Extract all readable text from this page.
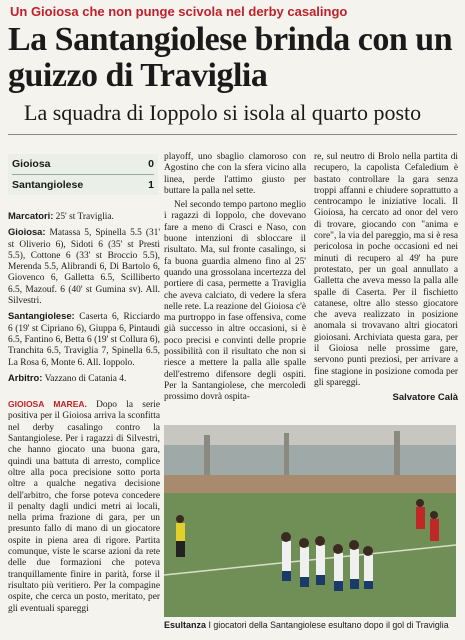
Un Gioiosa che non punge scivola nel derby casalingo
La Santangiolese brinda con un guizzo di Traviglia
La squadra di Ioppolo si isola al quarto posto
Gioiosa	0
Santangiolese	1

Marcatori: 25' st Traviglia.

Gioiosa: Matassa 5, Spinella 5.5 (31' st Oliverio 6), Sidoti 6 (35' st Presti 5.5), Cottone 6 (33' st Broccio 5.5), Merenda 5.5, Alibrandi 6, Di Bartolo 6, Giovenco 6, Galletta 6.5, Scilliberto 6.5, Mazouf. 6 (40' st Gumina sv). All. Silvestri.

Santangiolese: Caserta 6, Ricciardo 6 (19' st Cipriano 6), Giuppa 6, Pintaudi 6.5, Fantino 6, Betta 6 (19' st Collura 6), Tranchita 6.5, Traviglia 7, Spinella 6.5, La Rosa 6, Monte 6. All. Ioppolo.

Arbitro: Vazzano di Catania 4.

GIOIOSA MAREA. Dopo la serie positiva per il Gioiosa arriva la sconfitta nel derby casalingo contro la Santangiolese. Per i ragazzi di Silvestri, che hanno giocato una buona gara, quindi una battuta di arresto, complice oltre alla poca precisione sotto porta oltre a qualche negativa decisione dell'arbitro, che forse poteva concedere il penalty dagli undici metri ai locali, nella prima frazione di gara, per un presunto fallo di mano di un giocatore ospite in piena area di rigore. Partita comunque, viste le scarse azioni da rete delle due formazioni che poteva tranquillamente finire in parità, forse il risultato più veritiero. Per la compagine ospite, che cerca un posto, meritato, per gli eventuali spareggi

playoff, uno sbaglio clamoroso con Agostino che con la sfera vicino alla linea, perde l'attimo giusto per buttare la palla nel sette.

Nel secondo tempo partono meglio i ragazzi di Ioppolo, che dovevano fare a meno di Crasci e Naso, con buone intenzioni di sbloccare il risultato. Ma, sul fronte casalingo, si fa buona guardia almeno fino al 25' quando una grossolana incertezza del portiere di casa, permette a Traviglia che aveva calciato, di vedere la sfera nelle rete. La reazione del Gioiosa c'è ma purtroppo in fase offensiva, come già successo in altre occasioni, si è poco precisi e convinti delle proprie possibilità con il risultato che non si riesce a mettere la palla alle spalle dell'estremo difensore degli ospiti. Per la Santangiolese, che mercoledì prossimo dovrà ospita-

re, sul neutro di Brolo nella partita di recupero, la capolista Cefaledium è bastato controllare la gara senza troppi affanni e chiudere soprattutto a centrocampo le iniziative locali. Il Gioiosa, ha cercato ad onor del vero di trovare, giocando con "anima e core", la via del pareggio, ma si è resa pericolosa in poche occasioni ed nei minuti di recupero al 49' ha pure protestato, per un goal annullato a Galletta che aveva messo la palla alle spalle di Caserta. Per il fischietto catanese, oltre allo stesso giocatore che aveva realizzato in posizione anomala si trovavano altri giocatori gioiosani. Archiviata questa gara, per il Gioiosa nelle prossime gare, servono punti preziosi, per arrivare a fine stagione in posizione comoda per gli spareggi.

Salvatore Calà
Esultanza I giocatori della Santangiolese esultano dopo il gol di Traviglia
